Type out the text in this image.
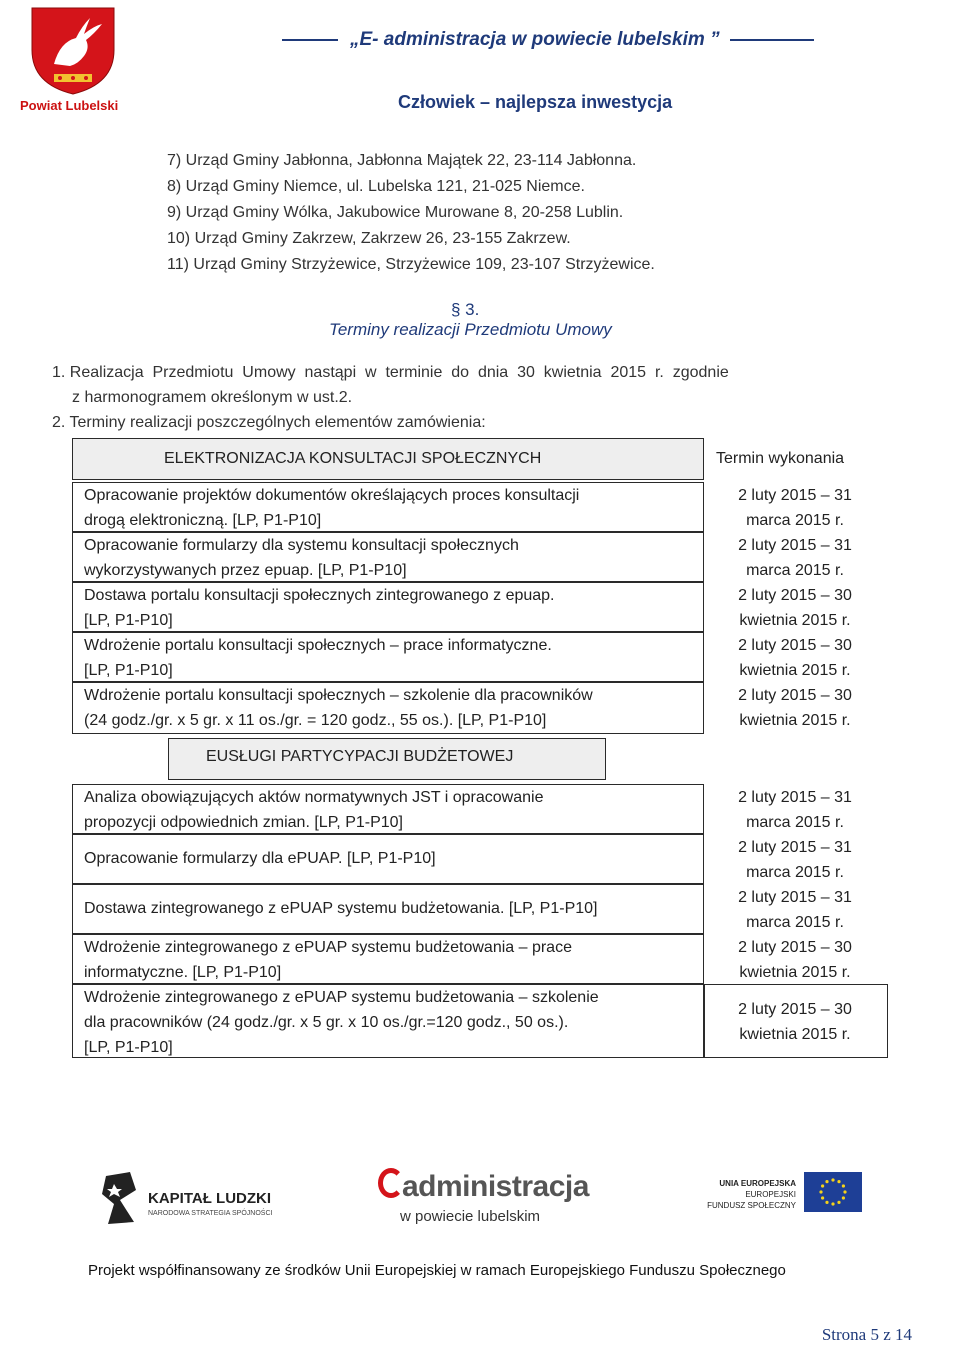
Powiat Lubelski
„E- administracja w powiecie lubelskim ”
Człowiek – najlepsza inwestycja
7) Urząd Gminy Jabłonna, Jabłonna Majątek 22, 23-114 Jabłonna.
8) Urząd Gminy Niemce, ul. Lubelska 121, 21-025 Niemce.
9) Urząd Gminy Wólka, Jakubowice Murowane 8, 20-258 Lublin.
10) Urząd Gminy Zakrzew, Zakrzew 26, 23-155 Zakrzew.
11) Urząd Gminy Strzyżewice, Strzyżewice 109, 23-107 Strzyżewice.
§ 3.
Terminy realizacji Przedmiotu Umowy
1. Realizacja  Przedmiotu  Umowy  nastąpi  w  terminie  do  dnia  30  kwietnia  2015  r.  zgodnie
z harmonogramem określonym w ust.2.
2. Terminy realizacji poszczególnych elementów zamówienia:
ELEKTRONIZACJA KONSULTACJI SPOŁECZNYCH	Termin wykonania
Opracowanie projektów dokumentów określających proces konsultacji
drogą elektroniczną. [LP, P1-P10]
2 luty 2015 – 31
marca 2015 r.
Opracowanie formularzy dla systemu konsultacji społecznych
wykorzystywanych przez epuap. [LP, P1-P10]
2 luty 2015 – 31
marca 2015 r.
Dostawa portalu konsultacji społecznych zintegrowanego z epuap.
[LP, P1-P10]
2 luty 2015 – 30
kwietnia 2015 r.
Wdrożenie portalu konsultacji społecznych – prace informatyczne.
[LP, P1-P10]
2 luty 2015 – 30
kwietnia 2015 r.
Wdrożenie portalu konsultacji społecznych – szkolenie dla pracowników
(24 godz./gr. x 5 gr. x 11 os./gr. = 120 godz., 55 os.). [LP, P1-P10]
2 luty 2015 – 30
kwietnia 2015 r.
EUSŁUGI PARTYCYPACJI BUDŻETOWEJ
Analiza obowiązujących aktów normatywnych JST i opracowanie
propozycji odpowiednich zmian. [LP, P1-P10]
2 luty 2015 – 31
marca 2015 r.
Opracowanie formularzy dla ePUAP. [LP, P1-P10]
2 luty 2015 – 31
marca 2015 r.
Dostawa zintegrowanego z ePUAP systemu budżetowania. [LP, P1-P10]
2 luty 2015 – 31
marca 2015 r.
Wdrożenie zintegrowanego z ePUAP systemu budżetowania – prace
informatyczne. [LP, P1-P10]
2 luty 2015 – 30
kwietnia 2015 r.
Wdrożenie zintegrowanego z ePUAP systemu budżetowania – szkolenie
dla pracowników (24 godz./gr. x 5 gr. x 10 os./gr.=120 godz., 50 os.).
[LP, P1-P10]
2 luty 2015 – 30
kwietnia 2015 r.
KAPITAŁ LUDZKI
NARODOWA STRATEGIA SPÓJNOŚCI
administracja
w powiecie lubelskim
UNIA EUROPEJSKA
EUROPEJSKI
FUNDUSZ SPOŁECZNY
Projekt współfinansowany ze środków Unii Europejskiej w ramach Europejskiego Funduszu Społecznego
Strona 5 z 14
